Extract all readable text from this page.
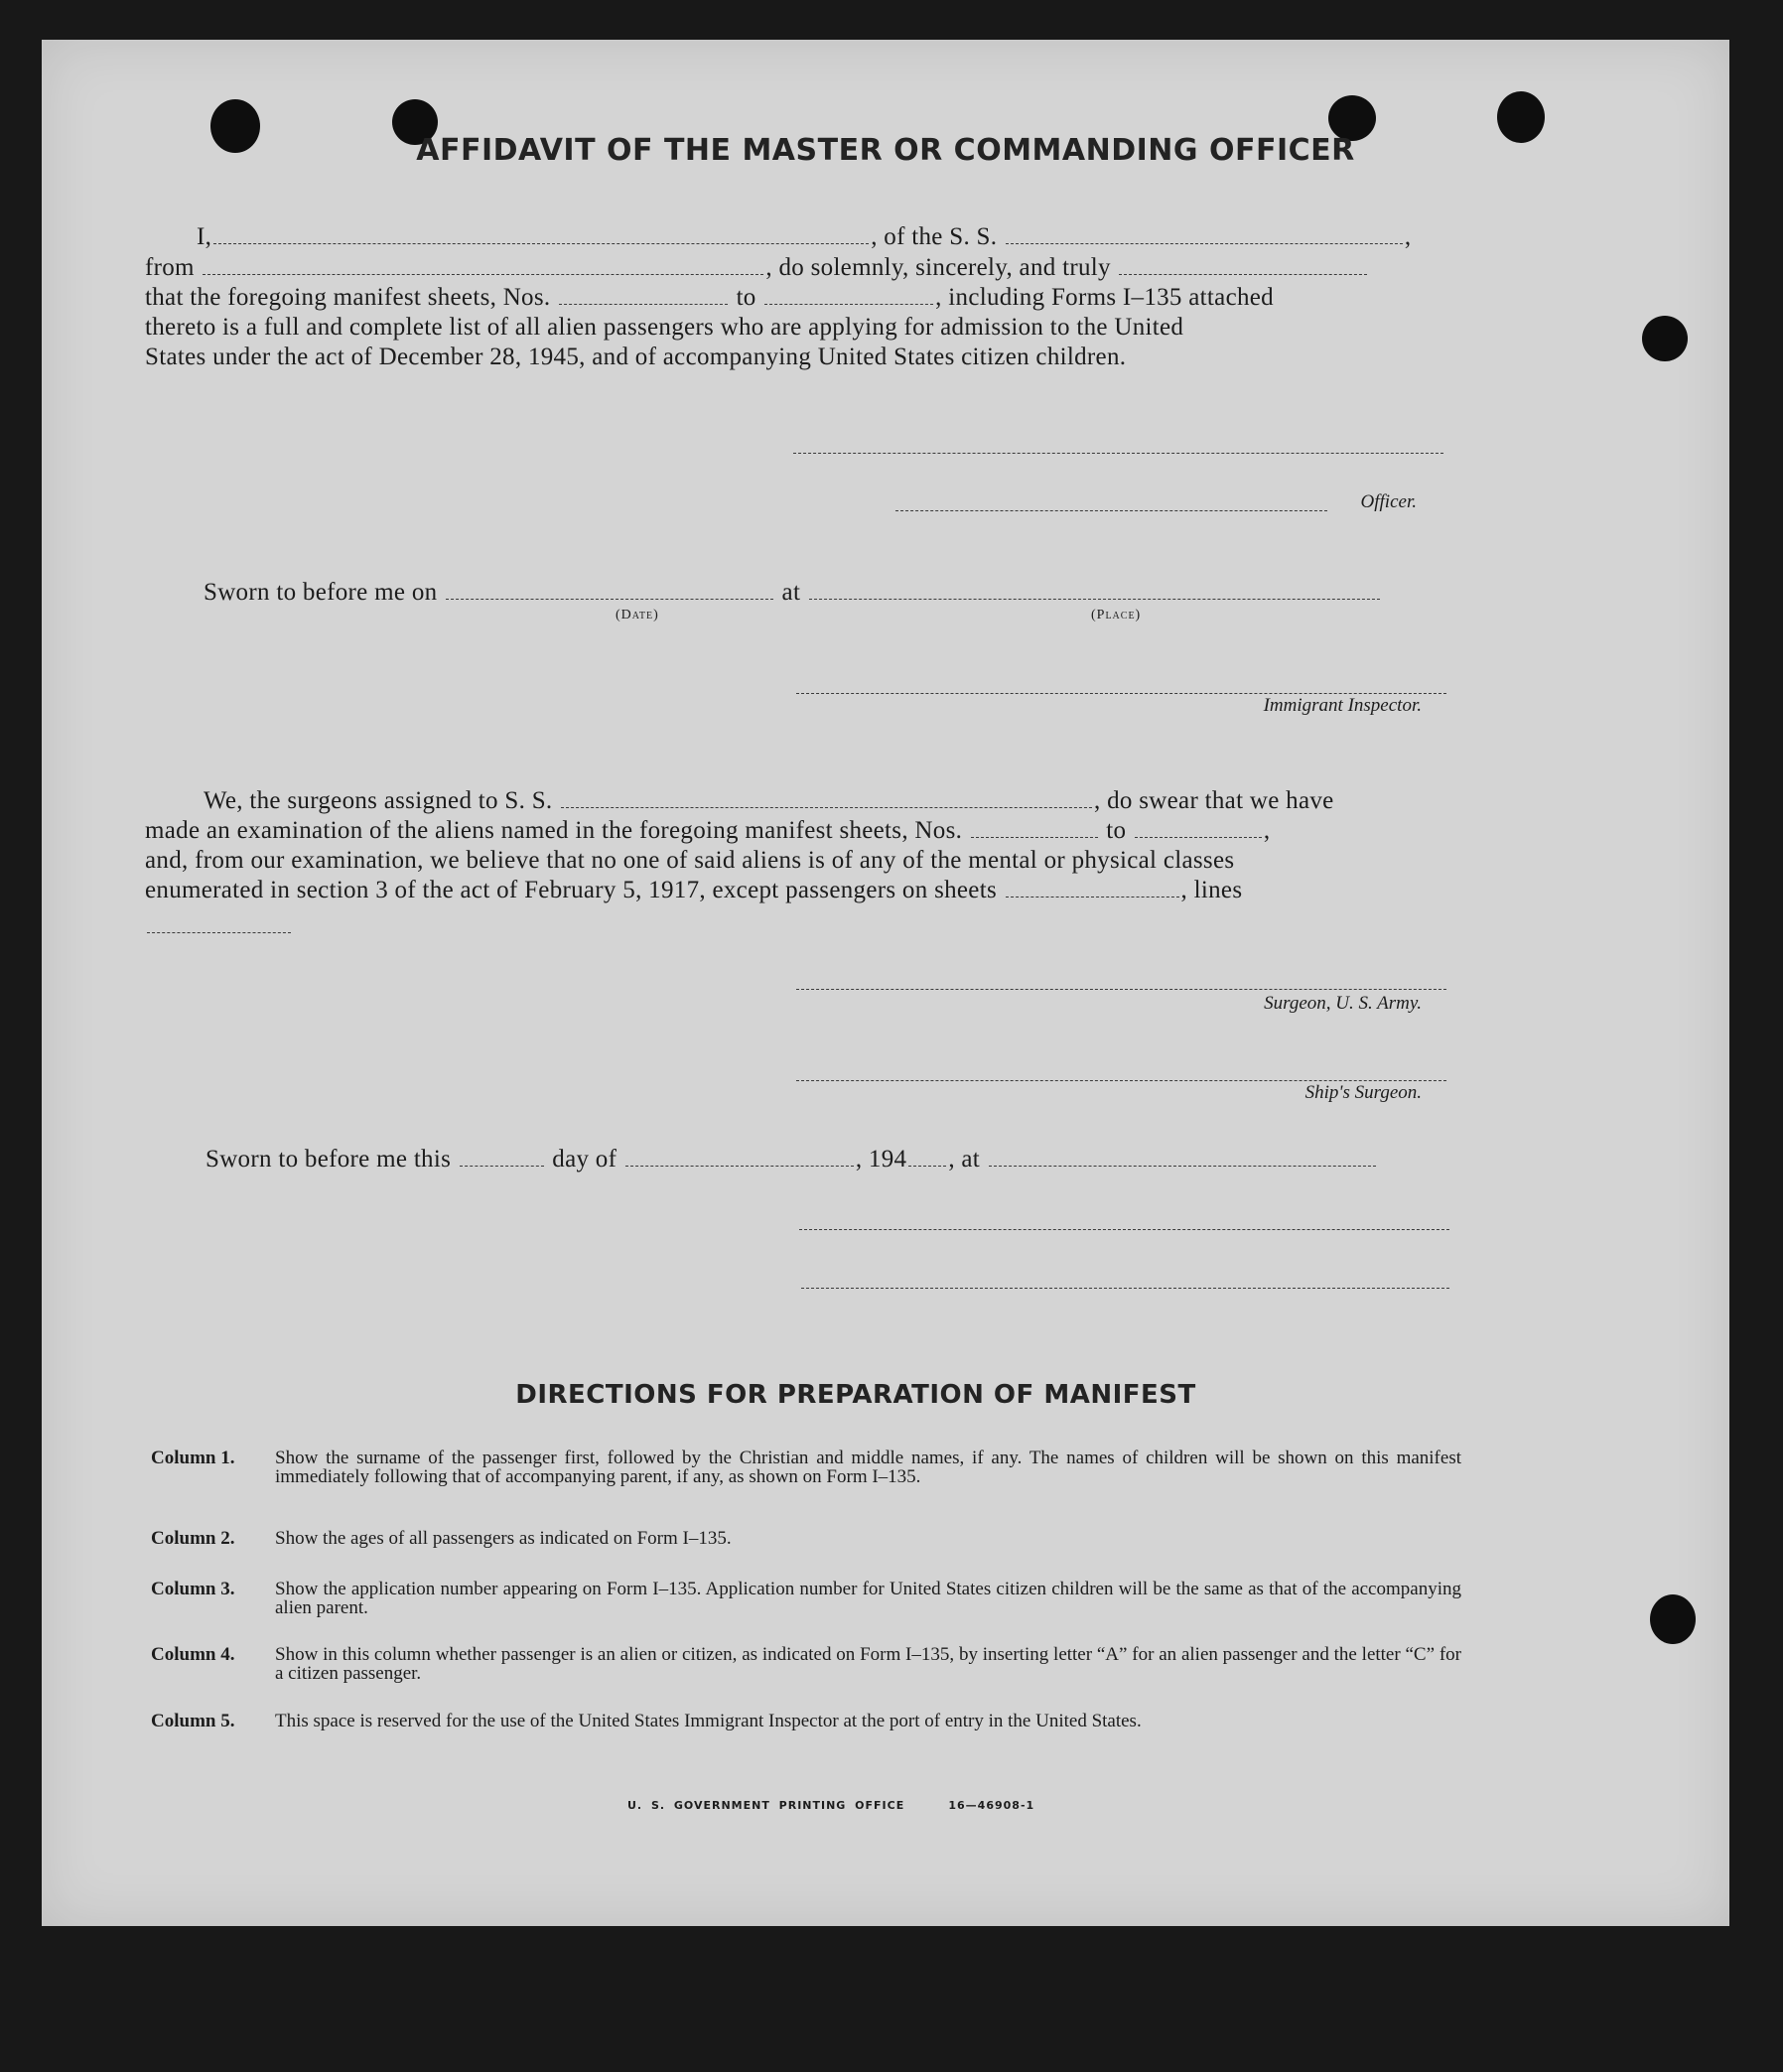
AFFIDAVIT OF THE MASTER OR COMMANDING OFFICER
I,	, of the S. S.	,
from	, do solemnly, sincerely, and truly
that the foregoing manifest sheets, Nos.	to	, including Forms I–135 attached
thereto is a full and complete list of all alien passengers who are applying for admission to the United
States under the act of December 28, 1945, and of accompanying United States citizen children.
Officer.
Sworn to before me on	at
(Date)	(Place)
Immigrant Inspector.
We, the surgeons assigned to S. S.	, do swear that we have
made an examination of the aliens named in the foregoing manifest sheets, Nos.	to	,
and, from our examination, we believe that no one of said aliens is of any of the mental or physical classes
enumerated in section 3 of the act of February 5, 1917, except passengers on sheets	, lines
Surgeon, U. S. Army.
Ship's Surgeon.
Sworn to before me this	day of	, 194 , at
DIRECTIONS FOR PREPARATION OF MANIFEST
Column 1.	Show the surname of the passenger first, followed by the Christian and middle names, if any. The names of children will be shown on this manifest immediately following that of accompanying parent, if any, as shown on Form I–135.
Column 2.	Show the ages of all passengers as indicated on Form I–135.
Column 3.	Show the application number appearing on Form I–135. Application number for United States citizen children will be the same as that of the accompanying alien parent.
Column 4.	Show in this column whether passenger is an alien or citizen, as indicated on Form I–135, by inserting letter “A” for an alien passenger and the letter “C” for a citizen passenger.
Column 5.	This space is reserved for the use of the United States Immigrant Inspector at the port of entry in the United States.
U. S. GOVERNMENT PRINTING OFFICE	16—46908-1
